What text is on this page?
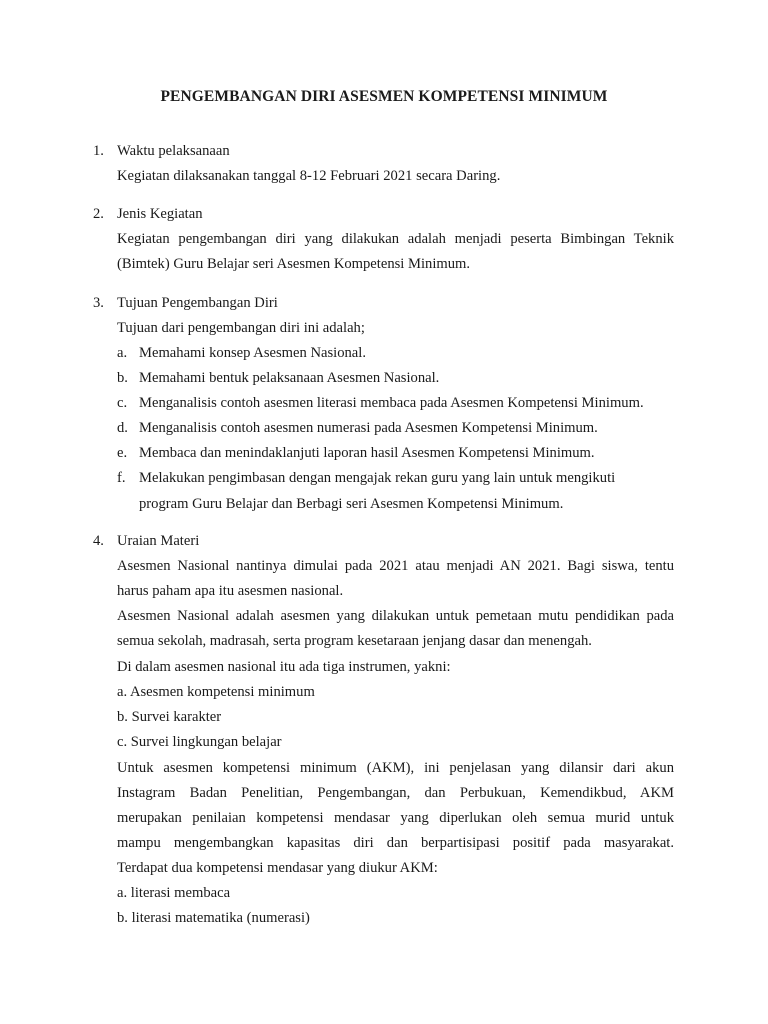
PENGEMBANGAN DIRI ASESMEN KOMPETENSI MINIMUM
1. Waktu pelaksanaan
Kegiatan dilaksanakan tanggal 8-12 Februari 2021 secara Daring.
2. Jenis Kegiatan
Kegiatan pengembangan diri yang dilakukan adalah menjadi peserta Bimbingan Teknik
(Bimtek) Guru Belajar seri Asesmen Kompetensi Minimum.
3. Tujuan Pengembangan Diri
Tujuan dari pengembangan diri ini adalah;
a. Memahami konsep Asesmen Nasional.
b. Memahami bentuk pelaksanaan Asesmen Nasional.
c. Menganalisis contoh asesmen literasi membaca pada Asesmen Kompetensi Minimum.
d. Menganalisis contoh asesmen numerasi pada Asesmen Kompetensi Minimum.
e. Membaca dan menindaklanjuti laporan hasil Asesmen Kompetensi Minimum.
f. Melakukan pengimbasan dengan mengajak rekan guru yang lain untuk mengikuti
program Guru Belajar dan Berbagi seri Asesmen Kompetensi Minimum.
4. Uraian Materi
Asesmen Nasional nantinya dimulai pada 2021 atau menjadi AN 2021. Bagi siswa, tentu
harus paham apa itu asesmen nasional.
Asesmen Nasional adalah asesmen yang dilakukan untuk pemetaan mutu pendidikan pada
semua sekolah, madrasah, serta program kesetaraan jenjang dasar dan menengah.
Di dalam asesmen nasional itu ada tiga instrumen, yakni:
a. Asesmen kompetensi minimum
b. Survei karakter
c. Survei lingkungan belajar
Untuk asesmen kompetensi minimum (AKM), ini penjelasan yang dilansir dari akun
Instagram Badan Penelitian, Pengembangan, dan Perbukuan, Kemendikbud, AKM
merupakan penilaian kompetensi mendasar yang diperlukan oleh semua murid untuk
mampu mengembangkan kapasitas diri dan berpartisipasi positif pada masyarakat.
Terdapat dua kompetensi mendasar yang diukur AKM:
a. literasi membaca
b. literasi matematika (numerasi)
